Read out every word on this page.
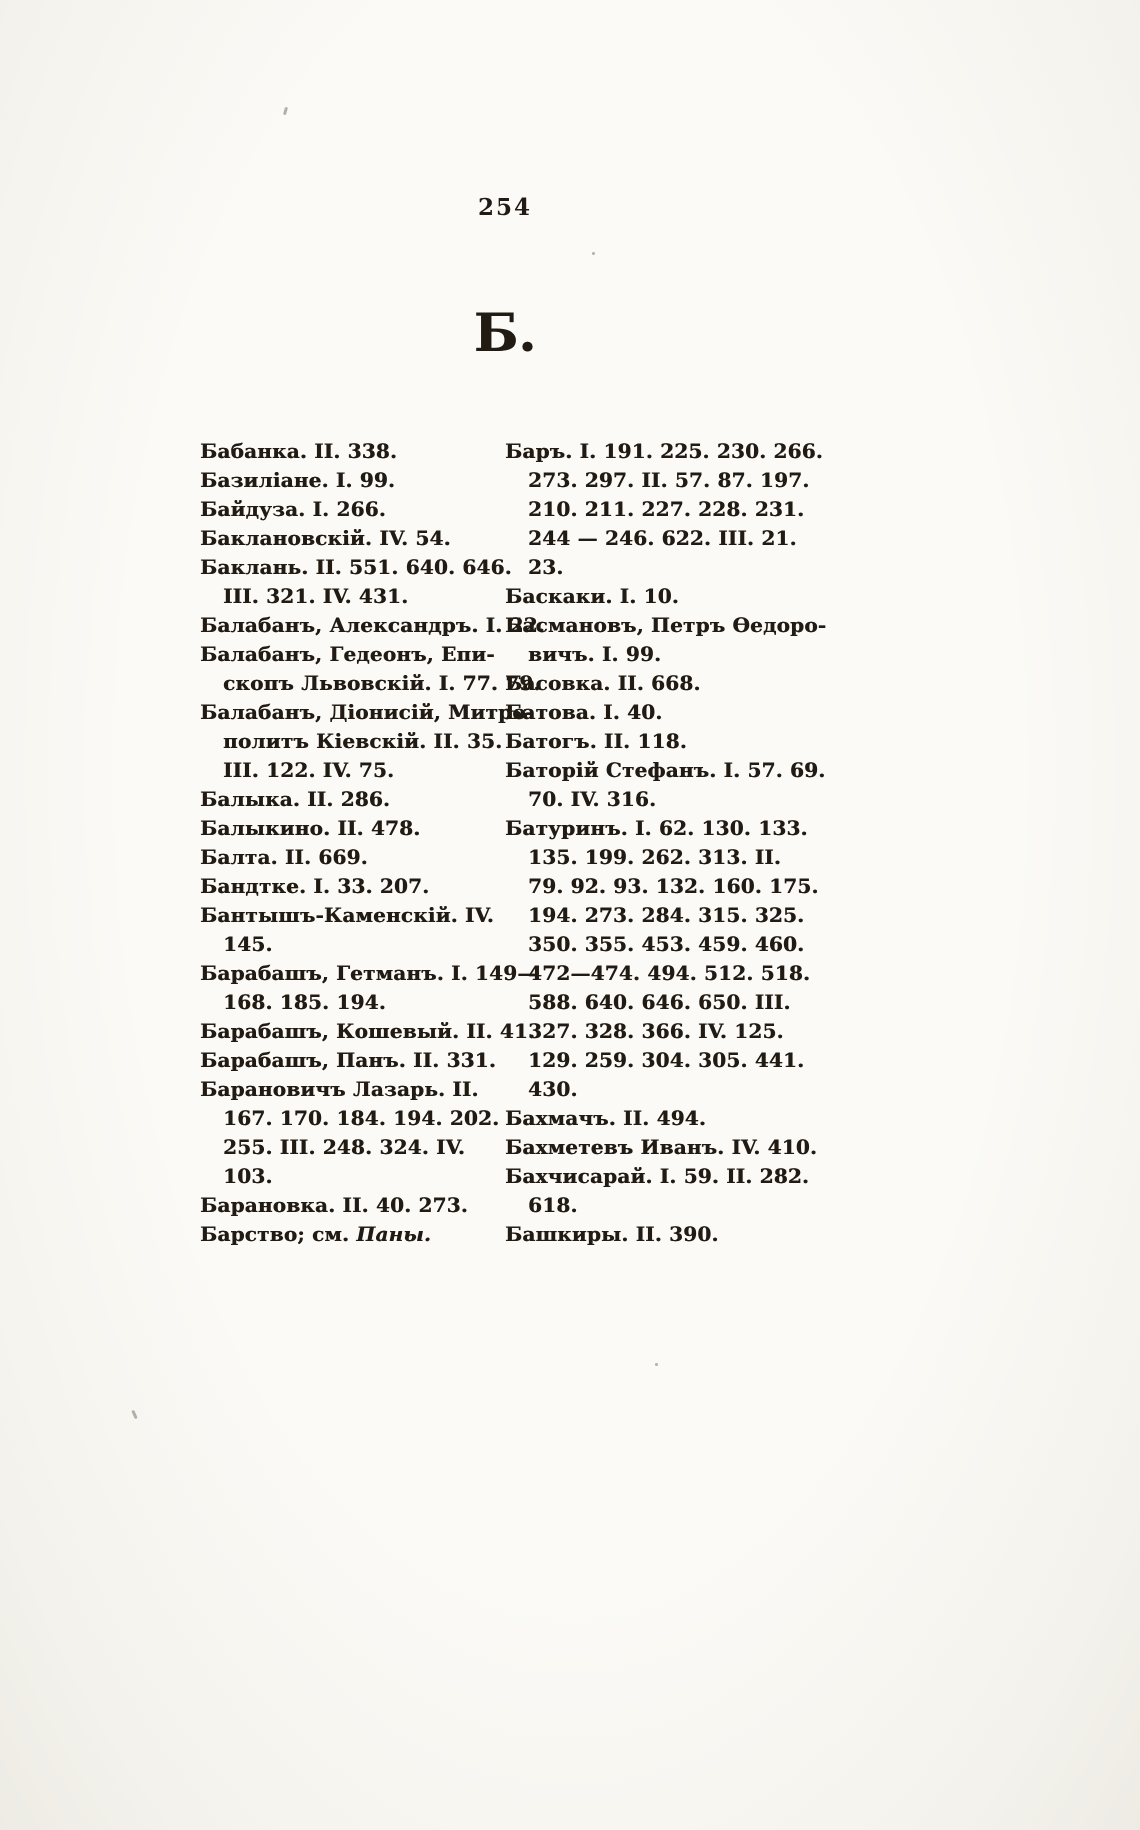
254
Б.
Бабанка. II. 338.
Базиліане. I. 99.
Байдуза. I. 266.
Баклановскій. IV. 54.
Баклань. II. 551. 640. 646.
III. 321. IV. 431.
Балабанъ, Александръ. I. 22.
Балабанъ, Гедеонъ, Епи-
скопъ Львовскій. I. 77. 79.
Балабанъ, Діонисій, Митро-
политъ Кіевскій. II. 35.
III. 122. IV. 75.
Балыка. II. 286.
Балыкино. II. 478.
Балта. II. 669.
Бандтке. I. 33. 207.
Бантышъ-Каменскій. IV.
145.
Барабашъ, Гетманъ. I. 149—
168. 185. 194.
Барабашъ, Кошевый. II. 41.
Барабашъ, Панъ. II. 331.
Барановичъ Лазарь. II.
167. 170. 184. 194. 202.
255. III. 248. 324. IV.
103.
Барановка. II. 40. 273.
Барство; см. Паны.
Баръ. I. 191. 225. 230. 266.
273. 297. II. 57. 87. 197.
210. 211. 227. 228. 231.
244 — 246. 622. III. 21.
23.
Баскаки. I. 10.
Басмановъ, Петръ Ѳедоро-
вичъ. I. 99.
Басовка. II. 668.
Батова. I. 40.
Батогъ. II. 118.
Баторій Стефанъ. I. 57. 69.
70. IV. 316.
Батуринъ. I. 62. 130. 133.
135. 199. 262. 313. II.
79. 92. 93. 132. 160. 175.
194. 273. 284. 315. 325.
350. 355. 453. 459. 460.
472—474. 494. 512. 518.
588. 640. 646. 650. III.
327. 328. 366. IV. 125.
129. 259. 304. 305. 441.
430.
Бахмачъ. II. 494.
Бахметевъ Иванъ. IV. 410.
Бахчисарай. I. 59. II. 282.
618.
Башкиры. II. 390.
